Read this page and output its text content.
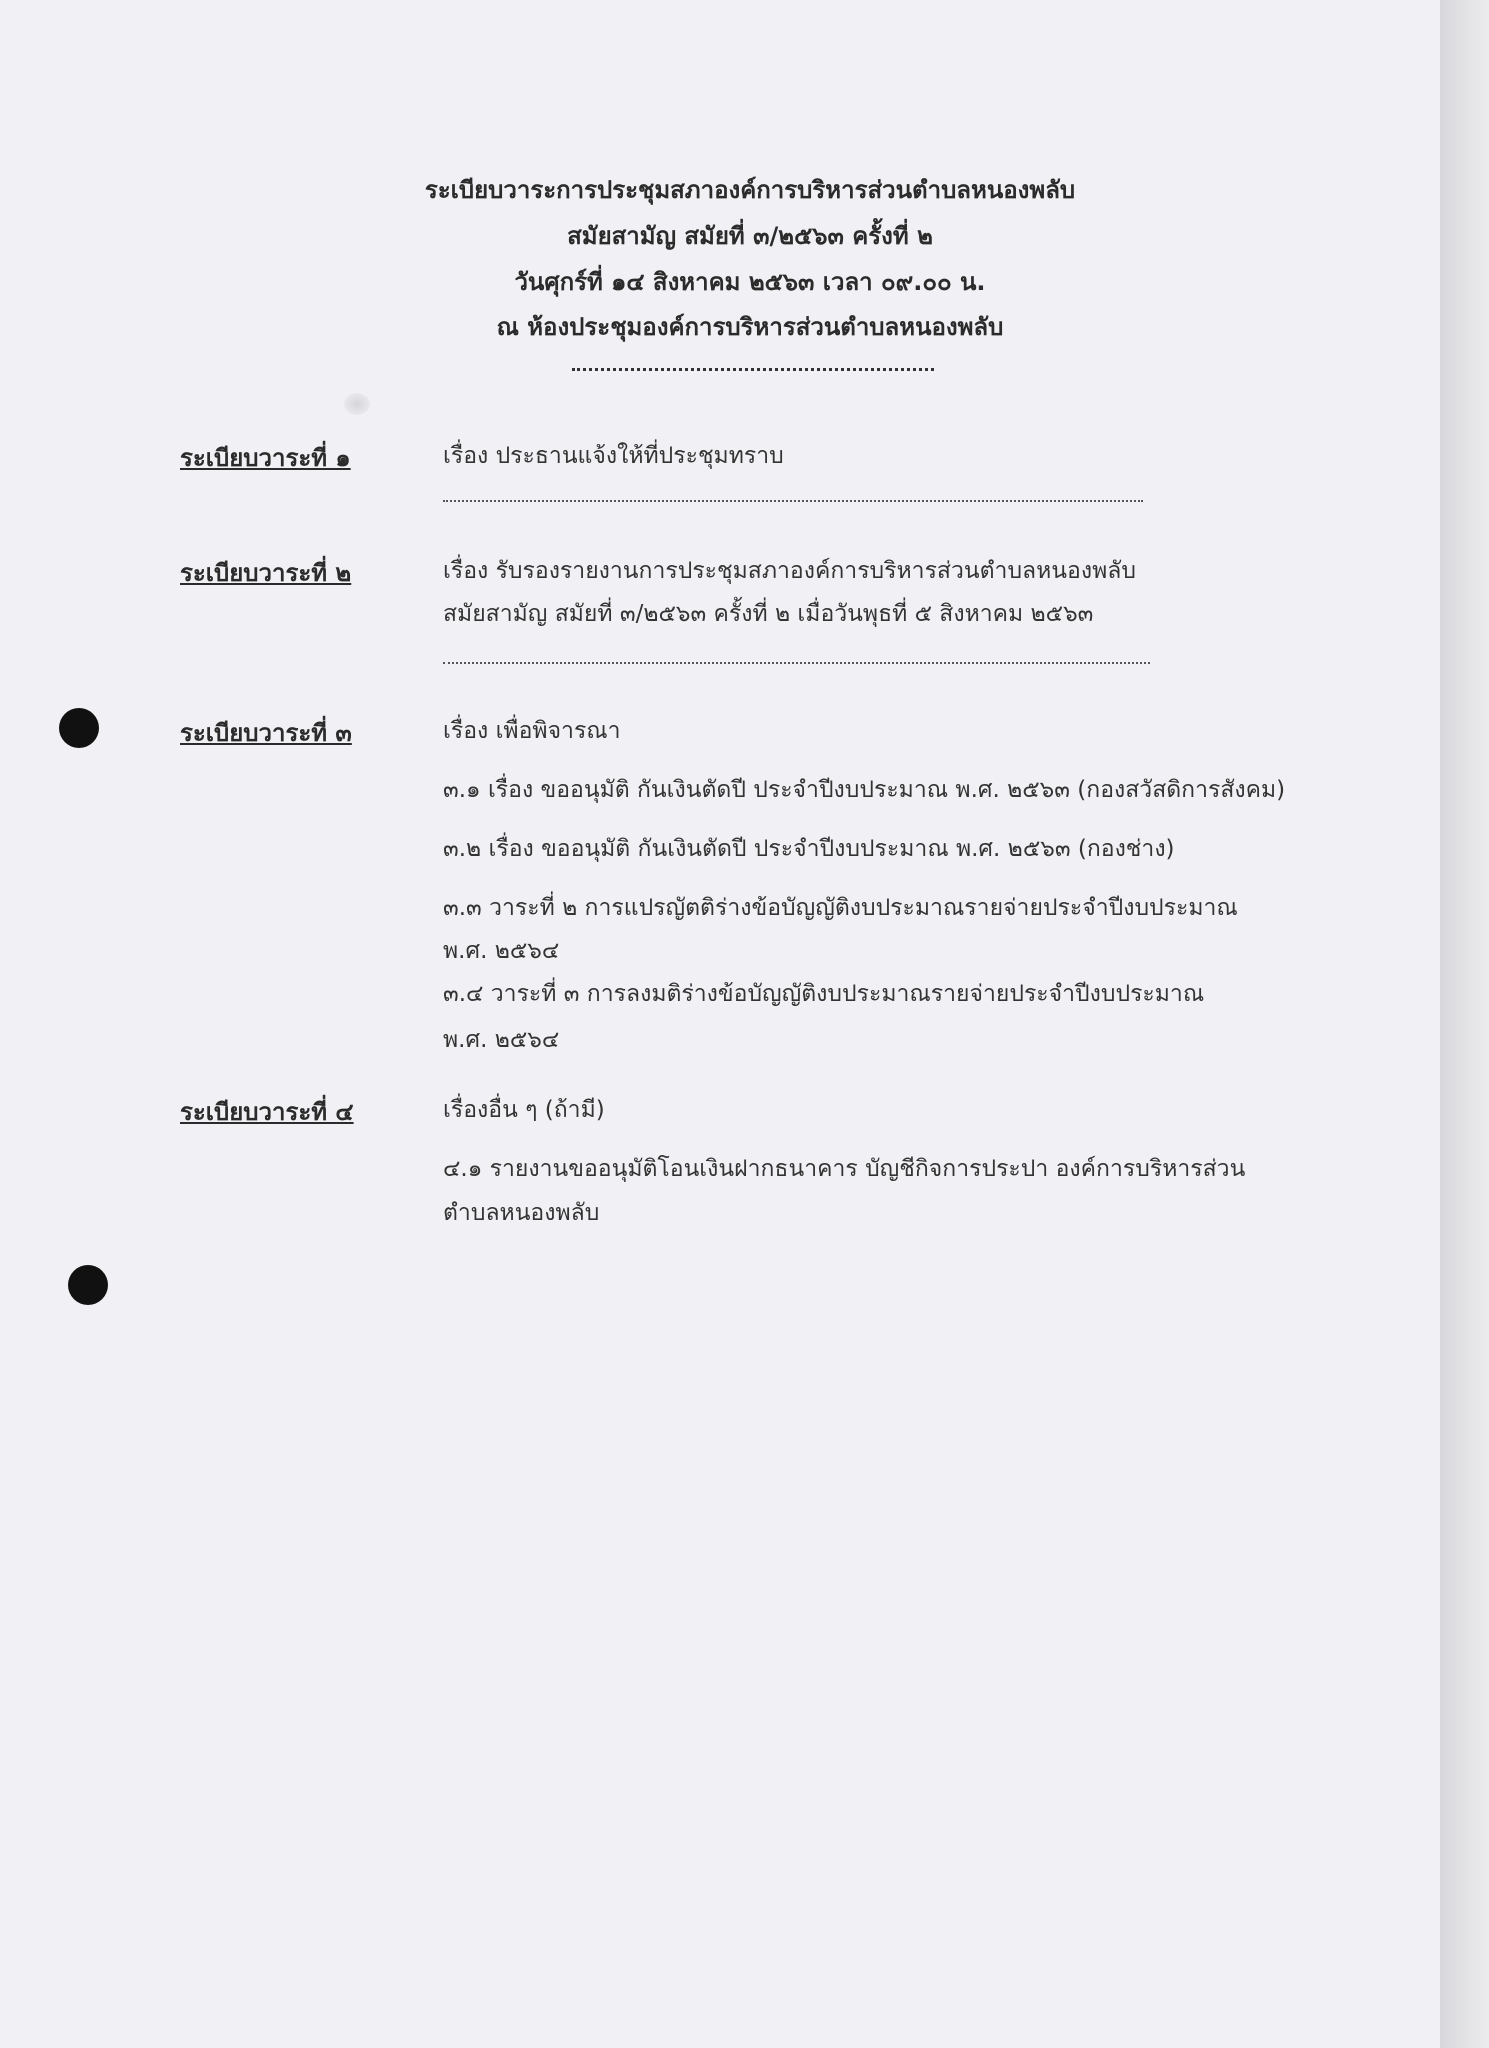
ระเบียบวาระการประชุมสภาองค์การบริหารส่วนตำบลหนองพลับ
สมัยสามัญ สมัยที่ ๓/๒๕๖๓ ครั้งที่ ๒
วันศุกร์ที่ ๑๔ สิงหาคม ๒๕๖๓ เวลา ๐๙.๐๐ น.
ณ ห้องประชุมองค์การบริหารส่วนตำบลหนองพลับ
ระเบียบวาระที่ ๑	เรื่อง ประธานแจ้งให้ที่ประชุมทราบ
ระเบียบวาระที่ ๒	เรื่อง รับรองรายงานการประชุมสภาองค์การบริหารส่วนตำบลหนองพลับ
สมัยสามัญ สมัยที่ ๓/๒๕๖๓ ครั้งที่ ๒ เมื่อวันพุธที่ ๕ สิงหาคม ๒๕๖๓
ระเบียบวาระที่ ๓	เรื่อง เพื่อพิจารณา
๓.๑ เรื่อง ขออนุมัติ กันเงินตัดปี ประจำปีงบประมาณ พ.ศ. ๒๕๖๓ (กองสวัสดิการสังคม)
๓.๒ เรื่อง ขออนุมัติ กันเงินตัดปี ประจำปีงบประมาณ พ.ศ. ๒๕๖๓ (กองช่าง)
๓.๓ วาระที่ ๒ การแปรญัตติร่างข้อบัญญัติงบประมาณรายจ่ายประจำปีงบประมาณ
พ.ศ. ๒๕๖๔
๓.๔ วาระที่ ๓ การลงมติร่างข้อบัญญัติงบประมาณรายจ่ายประจำปีงบประมาณ
พ.ศ. ๒๕๖๔
ระเบียบวาระที่ ๔	เรื่องอื่น ๆ (ถ้ามี)
๔.๑ รายงานขออนุมัติโอนเงินฝากธนาคาร บัญชีกิจการประปา องค์การบริหารส่วน
ตำบลหนองพลับ
